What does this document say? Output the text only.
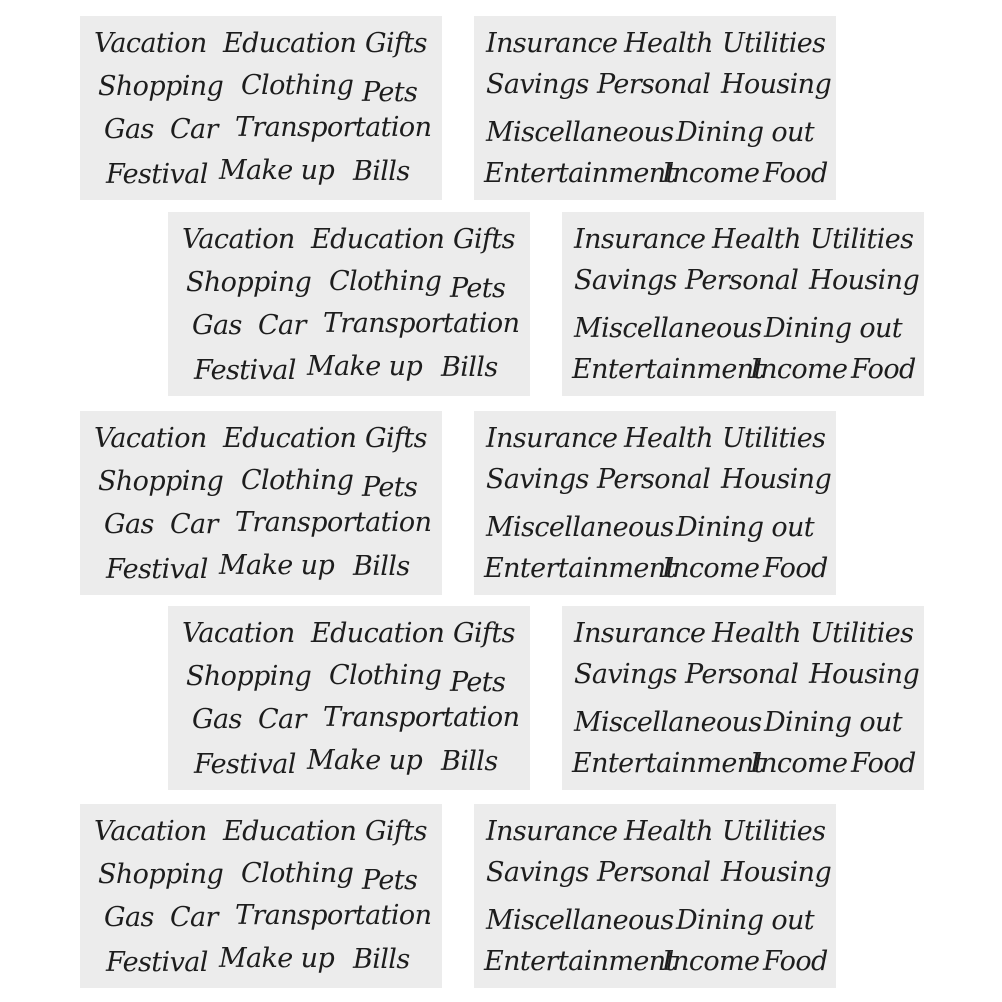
Vacation Education Gifts
Shopping Clothing Pets
Gas Car Transportation
Festival Make up Bills
Insurance Health Utilities
Savings Personal Housing
Miscellaneous Dining out
Entertainment
Income Food
Vacation Education Gifts
Shopping Clothing Pets
Gas Car Transportation
Festival Make up Bills
Insurance Health Utilities
Savings Personal Housing
Miscellaneous Dining out
Entertainment
Income Food
Vacation Education Gifts
Shopping Clothing Pets
Gas Car Transportation
Festival Make up Bills
Insurance Health Utilities
Savings Personal Housing
Miscellaneous Dining out
Entertainment
Income Food
Vacation Education Gifts
Shopping Clothing Pets
Gas Car Transportation
Festival Make up Bills
Insurance Health Utilities
Savings Personal Housing
Miscellaneous Dining out
Entertainment
Income Food
Vacation Education Gifts
Shopping Clothing Pets
Gas Car Transportation
Festival Make up Bills
Insurance Health Utilities
Savings Personal Housing
Miscellaneous Dining out
Entertainment
Income Food
